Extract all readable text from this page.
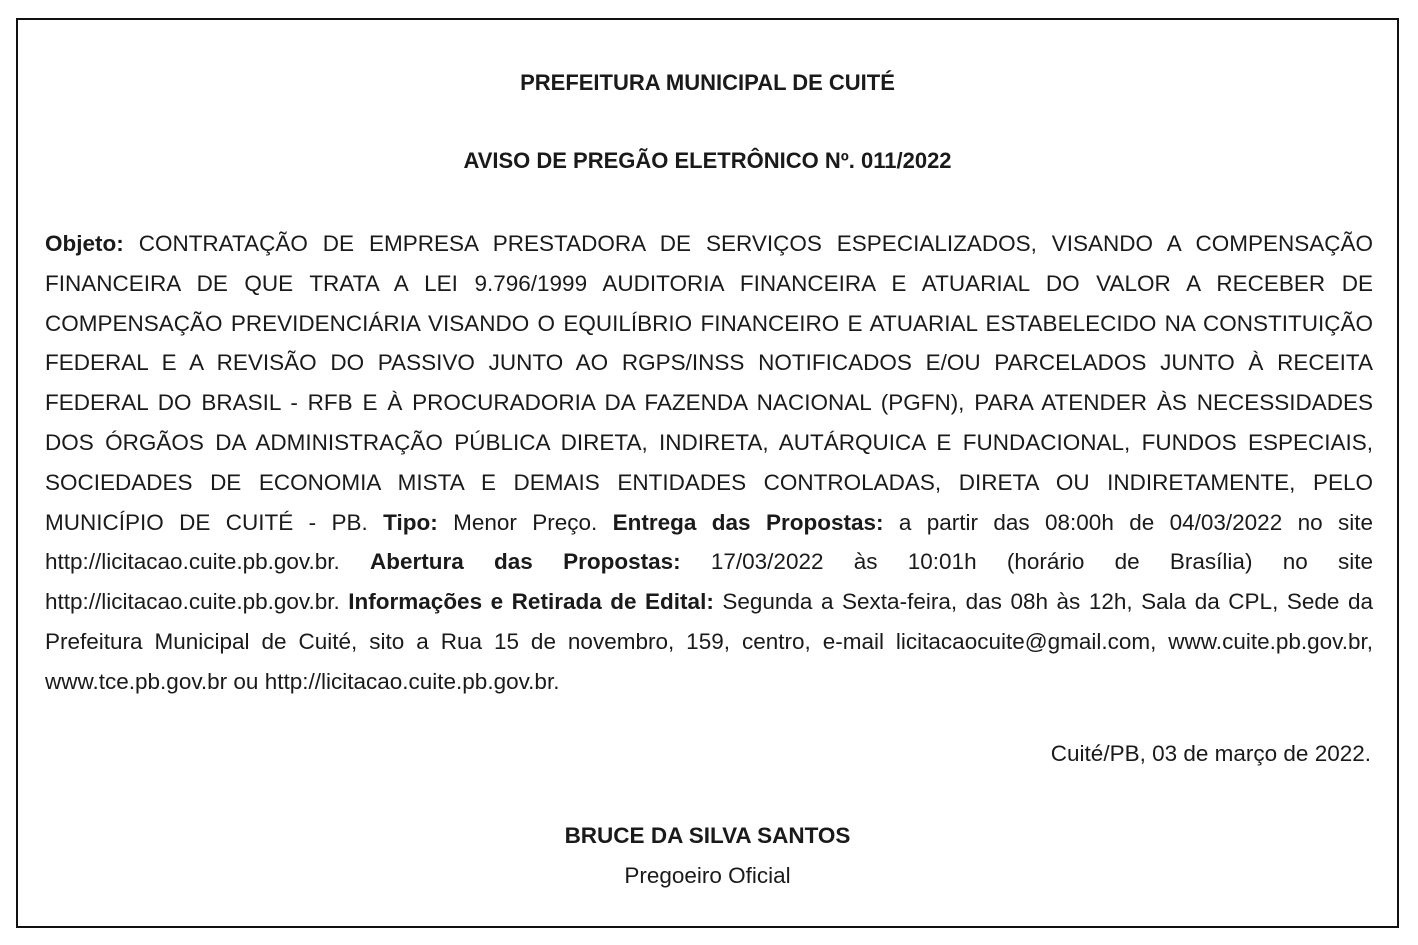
PREFEITURA MUNICIPAL DE CUITÉ
AVISO DE PREGÃO ELETRÔNICO Nº. 011/2022
Objeto: CONTRATAÇÃO DE EMPRESA PRESTADORA DE SERVIÇOS ESPECIALIZADOS, VISANDO A COMPENSAÇÃO FINANCEIRA DE QUE TRATA A LEI 9.796/1999 AUDITORIA FINANCEIRA E ATUARIAL DO VALOR A RECEBER DE COMPENSAÇÃO PREVIDENCIÁRIA VISANDO O EQUILÍBRIO FINANCEIRO E ATUARIAL ESTABELECIDO NA CONSTITUIÇÃO FEDERAL E A REVISÃO DO PASSIVO JUNTO AO RGPS/INSS NOTIFICADOS E/OU PARCELADOS JUNTO À RECEITA FEDERAL DO BRASIL - RFB E À PROCURADORIA DA FAZENDA NACIONAL (PGFN), PARA ATENDER ÀS NECESSIDADES DOS ÓRGÃOS DA ADMINISTRAÇÃO PÚBLICA DIRETA, INDIRETA, AUTÁRQUICA E FUNDACIONAL, FUNDOS ESPECIAIS, SOCIEDADES DE ECONOMIA MISTA E DEMAIS ENTIDADES CONTROLADAS, DIRETA OU INDIRETAMENTE, PELO MUNICÍPIO DE CUITÉ - PB. Tipo: Menor Preço. Entrega das Propostas: a partir das 08:00h de 04/03/2022 no site http://licitacao.cuite.pb.gov.br. Abertura das Propostas: 17/03/2022 às 10:01h (horário de Brasília) no site http://licitacao.cuite.pb.gov.br. Informações e Retirada de Edital: Segunda a Sexta-feira, das 08h às 12h, Sala da CPL, Sede da Prefeitura Municipal de Cuité, sito a Rua 15 de novembro, 159, centro, e-mail licitacaocuite@gmail.com, www.cuite.pb.gov.br, www.tce.pb.gov.br ou http://licitacao.cuite.pb.gov.br.
Cuité/PB, 03 de março de 2022.
BRUCE DA SILVA SANTOS
Pregoeiro Oficial
